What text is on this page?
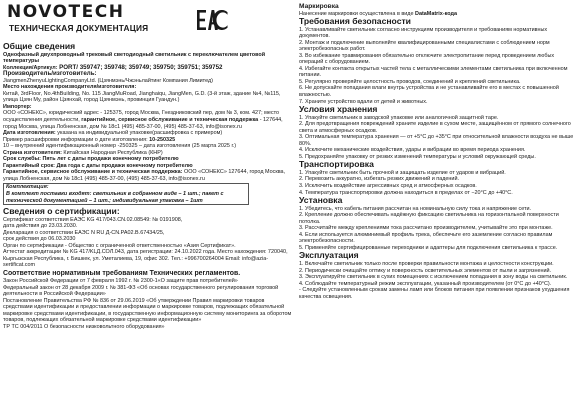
NOVOTECH
ТЕХНИЧЕСКАЯ ДОКУМЕНТАЦИЯ

Общие сведения

Однофазный двухпроводный трековый светодиодный светильник с переключателем цветовой температуры

Коллекция/Артикул: PORT/ 359747; 359748; 359749; 359750; 359751; 359752

Производитель/изготовитель:

JiangmenZhenyuLightingCompanyLtd. (Цзянмэнь/Чжэньлайтинг Компания Лимитед)

Место нахождения производителя/изготовителя:

Китай, 3rdFloor, No.4thBuilding, No. 115 JiangMuRoad, Jianghaiqu, JiangMen, G.D. (3-й этаж, здание №4, №115, улица Цзян Му, район Цзянхай, город Цзянмэнь, провинция Гуандун.)

Импортер:

ООО «СОНЕКС», юридический адрес - 125375, город Москва, Гнездниковский пер, дом № 3, ком. 427; место осуществления деятельности, гарантийное, сервисное обслуживание и техническая поддержка - 127644, город Москва, улица Лобненская, дом № 18с1 (495) 485-37-00, (495) 485-37-63, info@isonex.ru

Дата изготовления: указана на индивидуальной упаковке(расшифровка с примером)

Пример расшифровки информации о дате изготовления: 10-250325

10 – внутренний идентификационный номер -250325 – дата изготовления (25 марта 2025 г.)

Страна изготовителя: Китайская Народная Республика (КНР)

Срок службы: Пять лет с даты продажи конечному потребителю

Гарантийный срок: Два года с даты продажи конечному потребителю

Гарантийное, сервисное обслуживание и техническая поддержка: ООО «СОНЕКС» 127644, город Москва, улица Лобненская, дом № 18с1 (495) 485-37-00, (495) 485-37-63, info@isonex.ru

Комплектация:

В комплект поставки входят: светильник в собранном виде – 1 шт.; пакет с технической документацией – 1 шт.; индивидуальная упаковка – 1шт

Сведения о сертификации:

Сертификат соответствия ЕАЭС KG 417/043.CN.02.08549: № 0191908,

дата действия до 23.03.2030.

Декларация о соответствии ЕАЭС N RU Д-CN.PA02.B.67434/25,

срок действия до 06.03.2030

Орган по сертификации - Общество с ограниченной ответственностью «Азия Сертификат».

Аттестат аккредитации № KG 417/KLД.СОЛ.043, дата регистрации: 24.10.2022 года. Место нахождения: 720040, Кыргызская Республика, г. Бишкек, ул. Уметалиева, 19, офис 302. Тел.: +996700264004 Email: info@azia-sertificat.com

Соответствие нормативным требованиям Технических регламентов.

Закон Российской Федерации от 7 февраля 1992 г. № 2300-1«О защите прав потребителей»

Федеральный закон от 28 декабря 2009 г. № 381-ФЗ «Об основах государственного регулирования торговой деятельности в Российской Федерации»

Постановление Правительства РФ № 836 от 29.06.2019 «Об утверждении Правил маркировки товаров средствами идентификации и предоставлении информации о маркировке товаров, подлежащих обязательной маркировке средствами идентификации, в государственную информационную систему мониторинга за оборотом товаров, подлежащих обязательной маркировке средствами идентификации»

ТР ТС 004/2011 О безопасности низковольтного оборудования»

Маркировка

Нанесение маркировки осуществлена в виде DataMatrix-кода

Требования безопасности

1. Устанавливайте светильник согласно инструкциям производителя и требованиям нормативных документов.

2. Монтаж и подключение выполняйте квалифицированными специалистами с соблюдением норм электробезопасных работ.

3. Во избежание травмирования обязательно отключите электропитание перед проведением любых операций с оборудованием.

4. Избегайте контакта открытых частей тела с металлическими элементами светильника при включенном питании.

5. Регулярно проверяйте целостность проводов, соединений и креплений светильника.

6. Не допускайте попадания влаги внутрь устройства и не устанавливайте его в местах с повышенной влажностью.

7. Храните устройство вдали от детей и животных.

Условия хранения

1. Упакуйте светильник в заводской упаковке или аналогичной защитной таре.

2. Для предотвращения повреждений храните изделие в сухом месте, защищённом от прямого солнечного света и атмосферных осадков.

3. Оптимальная температура хранения — от +5°C до +35°C при относительной влажности воздуха не выше 80%.

4. Исключите механические воздействия, удары и вибрации во время периода хранения.

5. Предохраняйте упаковку от резких изменений температуры и условий окружающей среды.

Транспортировка

1. Упакуйте светильник быть прочной и защищать изделие от ударов и вибраций.

2. Перевозить аккуратно, избегать резких движений и падений.

3. Исключить воздействие агрессивных сред и атмосферных осадков.

4. Температура транспортировки должна находиться в пределах от −20°C до +40°C.

Установка

1. Убедитесь, что кабель питания рассчитан на номинальную силу тока и напряжение сети.

2. Крепление должно обеспечивать надёжную фиксацию светильника на горизонтальной поверхности потолка.

3. Рассчитайте между креплениями тока рассчитано производителем, учитывайте это при монтаже.

4. Если используется алюминиевый профиль трека, обеспечьте его заземление согласно правилам электробезопасности.

5. Применяйте сертифицированные переходники и адаптеры для подключения светильника к трассе.

Эксплуатация

1. Включайте светильник только после проверки правильности монтажа и целостности конструкции.

2. Периодически очищайте оптику и поверхность осветительных элементов от пыли и загрязнений.

3. Эксплуатируйте светильник в сухих помещениях с исключением попадания в зону воды на светильник.

4. Соблюдайте температурный режим эксплуатации, указанный производителем (от 0°С до +40°С).

- Следуйте установленным срокам замены ламп или блоков питания при появлении признаков ухудшения качества освещения.
